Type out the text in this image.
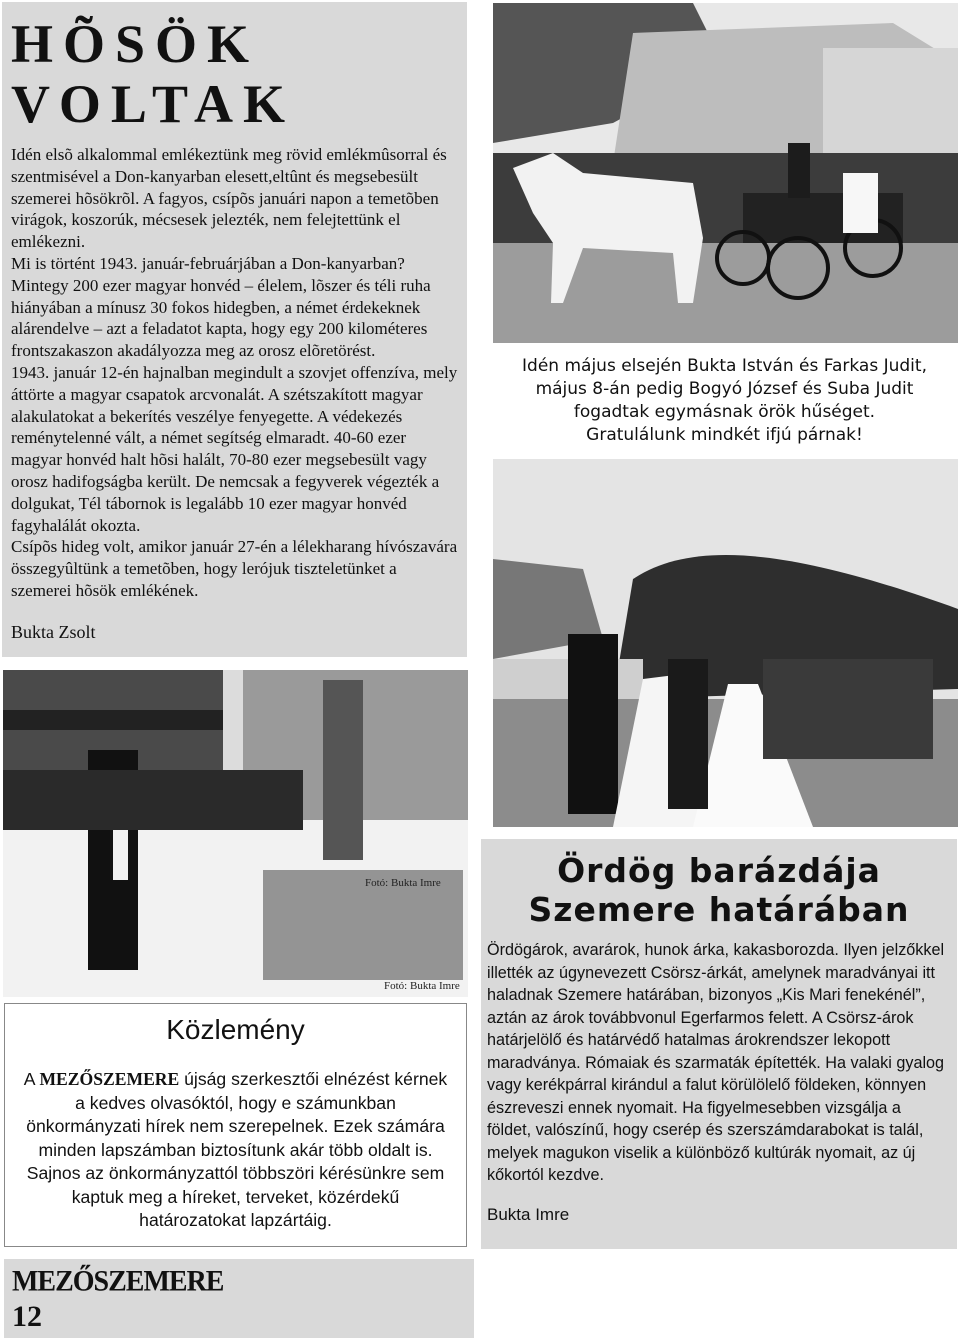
HÕSÖK VOLTAK

Idén elsõ alkalommal emlékeztünk meg rövid emlékmûsorral és szentmisével a Don-kanyarban elesett,eltûnt és megsebesült szemerei hõsökrõl. A fagyos, csípõs januári napon a temetõben virágok, koszorúk, mécsesek jelezték, nem felejtettünk el emlékezni.

Mi is történt 1943. január-februárjában a Don-kanyarban? Mintegy 200 ezer magyar honvéd – élelem, lõszer és téli ruha hiányában a mínusz 30 fokos hidegben, a német érdekeknek alárendelve – azt a feladatot kapta, hogy egy 200 kilométeres frontszakaszon akadályozza meg az orosz elõretörést.

1943. január 12-én hajnalban megindult a szovjet offenzíva, mely áttörte a magyar csapatok arcvonalát. A szétszakított magyar alakulatokat a bekerítés veszélye fenyegette. A védekezés reménytelenné vált, a német segítség elmaradt. 40-60 ezer magyar honvéd halt hõsi halált, 70-80 ezer megsebesült vagy orosz hadifogságba került. De nemcsak a fegyverek végezték a dolgukat, Tél tábornok is legalább 10 ezer magyar honvéd fagyhalálát okozta.

Csípõs hideg volt, amikor január 27-én a lélekharang hívószavára összegyûltünk a temetõben, hogy lerójuk tiszteletünket a szemerei hõsök emlékének.

Bukta Zsolt

Idén május elsején Bukta István és Farkas Judit,

május 8-án pedig Bogyó József és Suba Judit

fogadtak egymásnak örök hűséget.

Gratulálunk mindkét ifjú párnak!

Fotó: Bukta Imre
Fotó: Bukta Imre
Közlemény
A MEZŐSZEMERE újság szerkesztői elnézést kérnek a kedves olvasóktól, hogy e számunkban önkormányzati hírek nem szerepelnek. Ezek számára minden lapszámban biztosítunk akár több oldalt is. Sajnos az önkormányzattól többszöri kérésünkre sem kaptuk meg a híreket, terveket, közérdekű határozatokat lapzártáig.
Ördög barázdája
Szemere határában
Ördögárok, avarárok, hunok árka, kakasborozda. Ilyen jelzőkkel illették az úgynevezett Csörsz-árkát, amelynek maradványai itt haladnak Szemere határában, bizonyos „Kis Mari fenekénél”, aztán az árok továbbvonul Egerfarmos felett. A Csörsz-árok határjelölő és határvédő hatalmas árokrendszer lekopott maradványa. Rómaiak és szarmaták építették. Ha valaki gyalog vagy kerékpárral kirándul a falut körülölelő földeken, könnyen észreveszi ennek nyomait. Ha figyelmesebben vizsgálja a földet, valószínű, hogy cserép és szerszámdarabokat is talál, melyek magukon viselik a különböző kultúrák nyomait, az új kőkortól kezdve.
Bukta Imre
MEZŐSZEMERE
12
